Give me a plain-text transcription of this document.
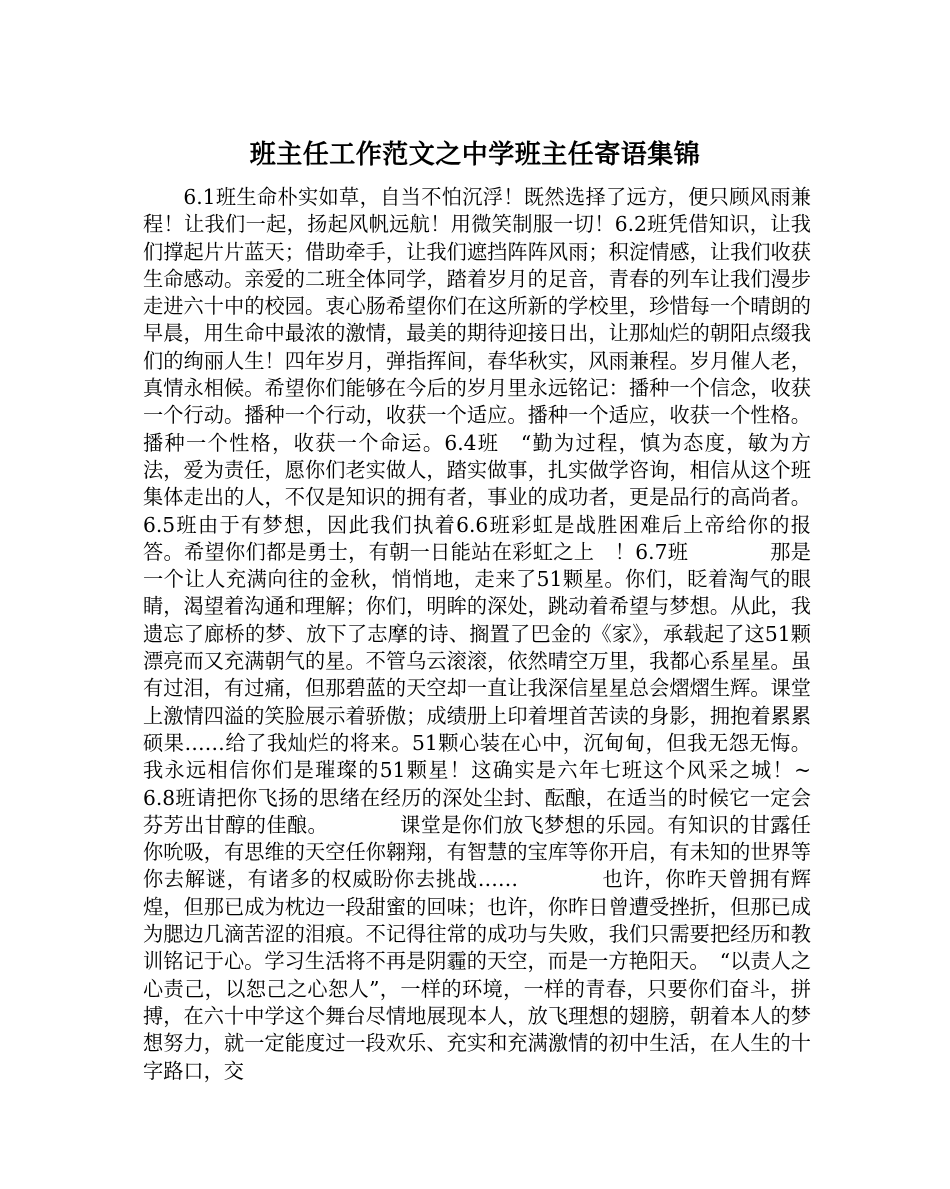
班主任工作范文之中学班主任寄语集锦

6.1班生命朴实如草，自当不怕沉浮！既然选择了远方，便只顾风雨兼程！让我们一起，扬起风帆远航！用微笑制服一切！6.2班凭借知识，让我们撑起片片蓝天；借助牵手，让我们遮挡阵阵风雨；积淀情感，让我们收获生命感动。亲爱的二班全体同学，踏着岁月的足音，青春的列车让我们漫步走进六十中的校园。衷心肠希望你们在这所新的学校里，珍惜每一个晴朗的早晨，用生命中最浓的激情，最美的期待迎接日出，让那灿烂的朝阳点缀我们的绚丽人生！四年岁月，弹指挥间，春华秋实，风雨兼程。岁月催人老，真情永相候。希望你们能够在今后的岁月里永远铭记：播种一个信念，收获一个行动。播种一个行动，收获一个适应。播种一个适应，收获一个性格。播种一个性格，收获一个命运。6.4班　“勤为过程，慎为态度，敏为方法，爱为责任，愿你们老实做人，踏实做事，扎实做学咨询，相信从这个班集体走出的人，不仅是知识的拥有者，事业的成功者，更是品行的高尚者。6.5班由于有梦想，因此我们执着6.6班彩虹是战胜困难后上帝给你的报答。希望你们都是勇士，有朝一日能站在彩虹之上　！6.7班　　　　那是一个让人充满向往的金秋，悄悄地，走来了51颗星。你们，眨着淘气的眼睛，渴望着沟通和理解；你们，明眸的深处，跳动着希望与梦想。从此，我遗忘了廊桥的梦、放下了志摩的诗、搁置了巴金的《家》，承载起了这51颗漂亮而又充满朝气的星。不管乌云滚滚，依然晴空万里，我都心系星星。虽有过泪，有过痛，但那碧蓝的天空却一直让我深信星星总会熠熠生辉。课堂上激情四溢的笑脸展示着骄傲；成绩册上印着埋首苦读的身影，拥抱着累累硕果……给了我灿烂的将来。51颗心装在心中，沉甸甸，但我无怨无悔。我永远相信你们是璀璨的51颗星！这确实是六年七班这个风采之城！~　　6.8班请把你飞扬的思绪在经历的深处尘封、酝酿，在适当的时候它一定会芬芳出甘醇的佳酿。　　　　课堂是你们放飞梦想的乐园。有知识的甘露任你吮吸，有思维的天空任你翱翔，有智慧的宝库等你开启，有未知的世界等你去解谜，有诸多的权威盼你去挑战……　　　　也许，你昨天曾拥有辉煌，但那已成为枕边一段甜蜜的回味；也许，你昨日曾遭受挫折，但那已成为腮边几滴苦涩的泪痕。不记得往常的成功与失败，我们只需要把经历和教训铭记于心。学习生活将不再是阴霾的天空，而是一方艳阳天。　“以责人之心责己，以恕己之心恕人”，一样的环境，一样的青春，只要你们奋斗，拼搏，在六十中学这个舞台尽情地展现本人，放飞理想的翅膀，朝着本人的梦想努力，就一定能度过一段欢乐、充实和充满激情的初中生活，在人生的十字路口，交
